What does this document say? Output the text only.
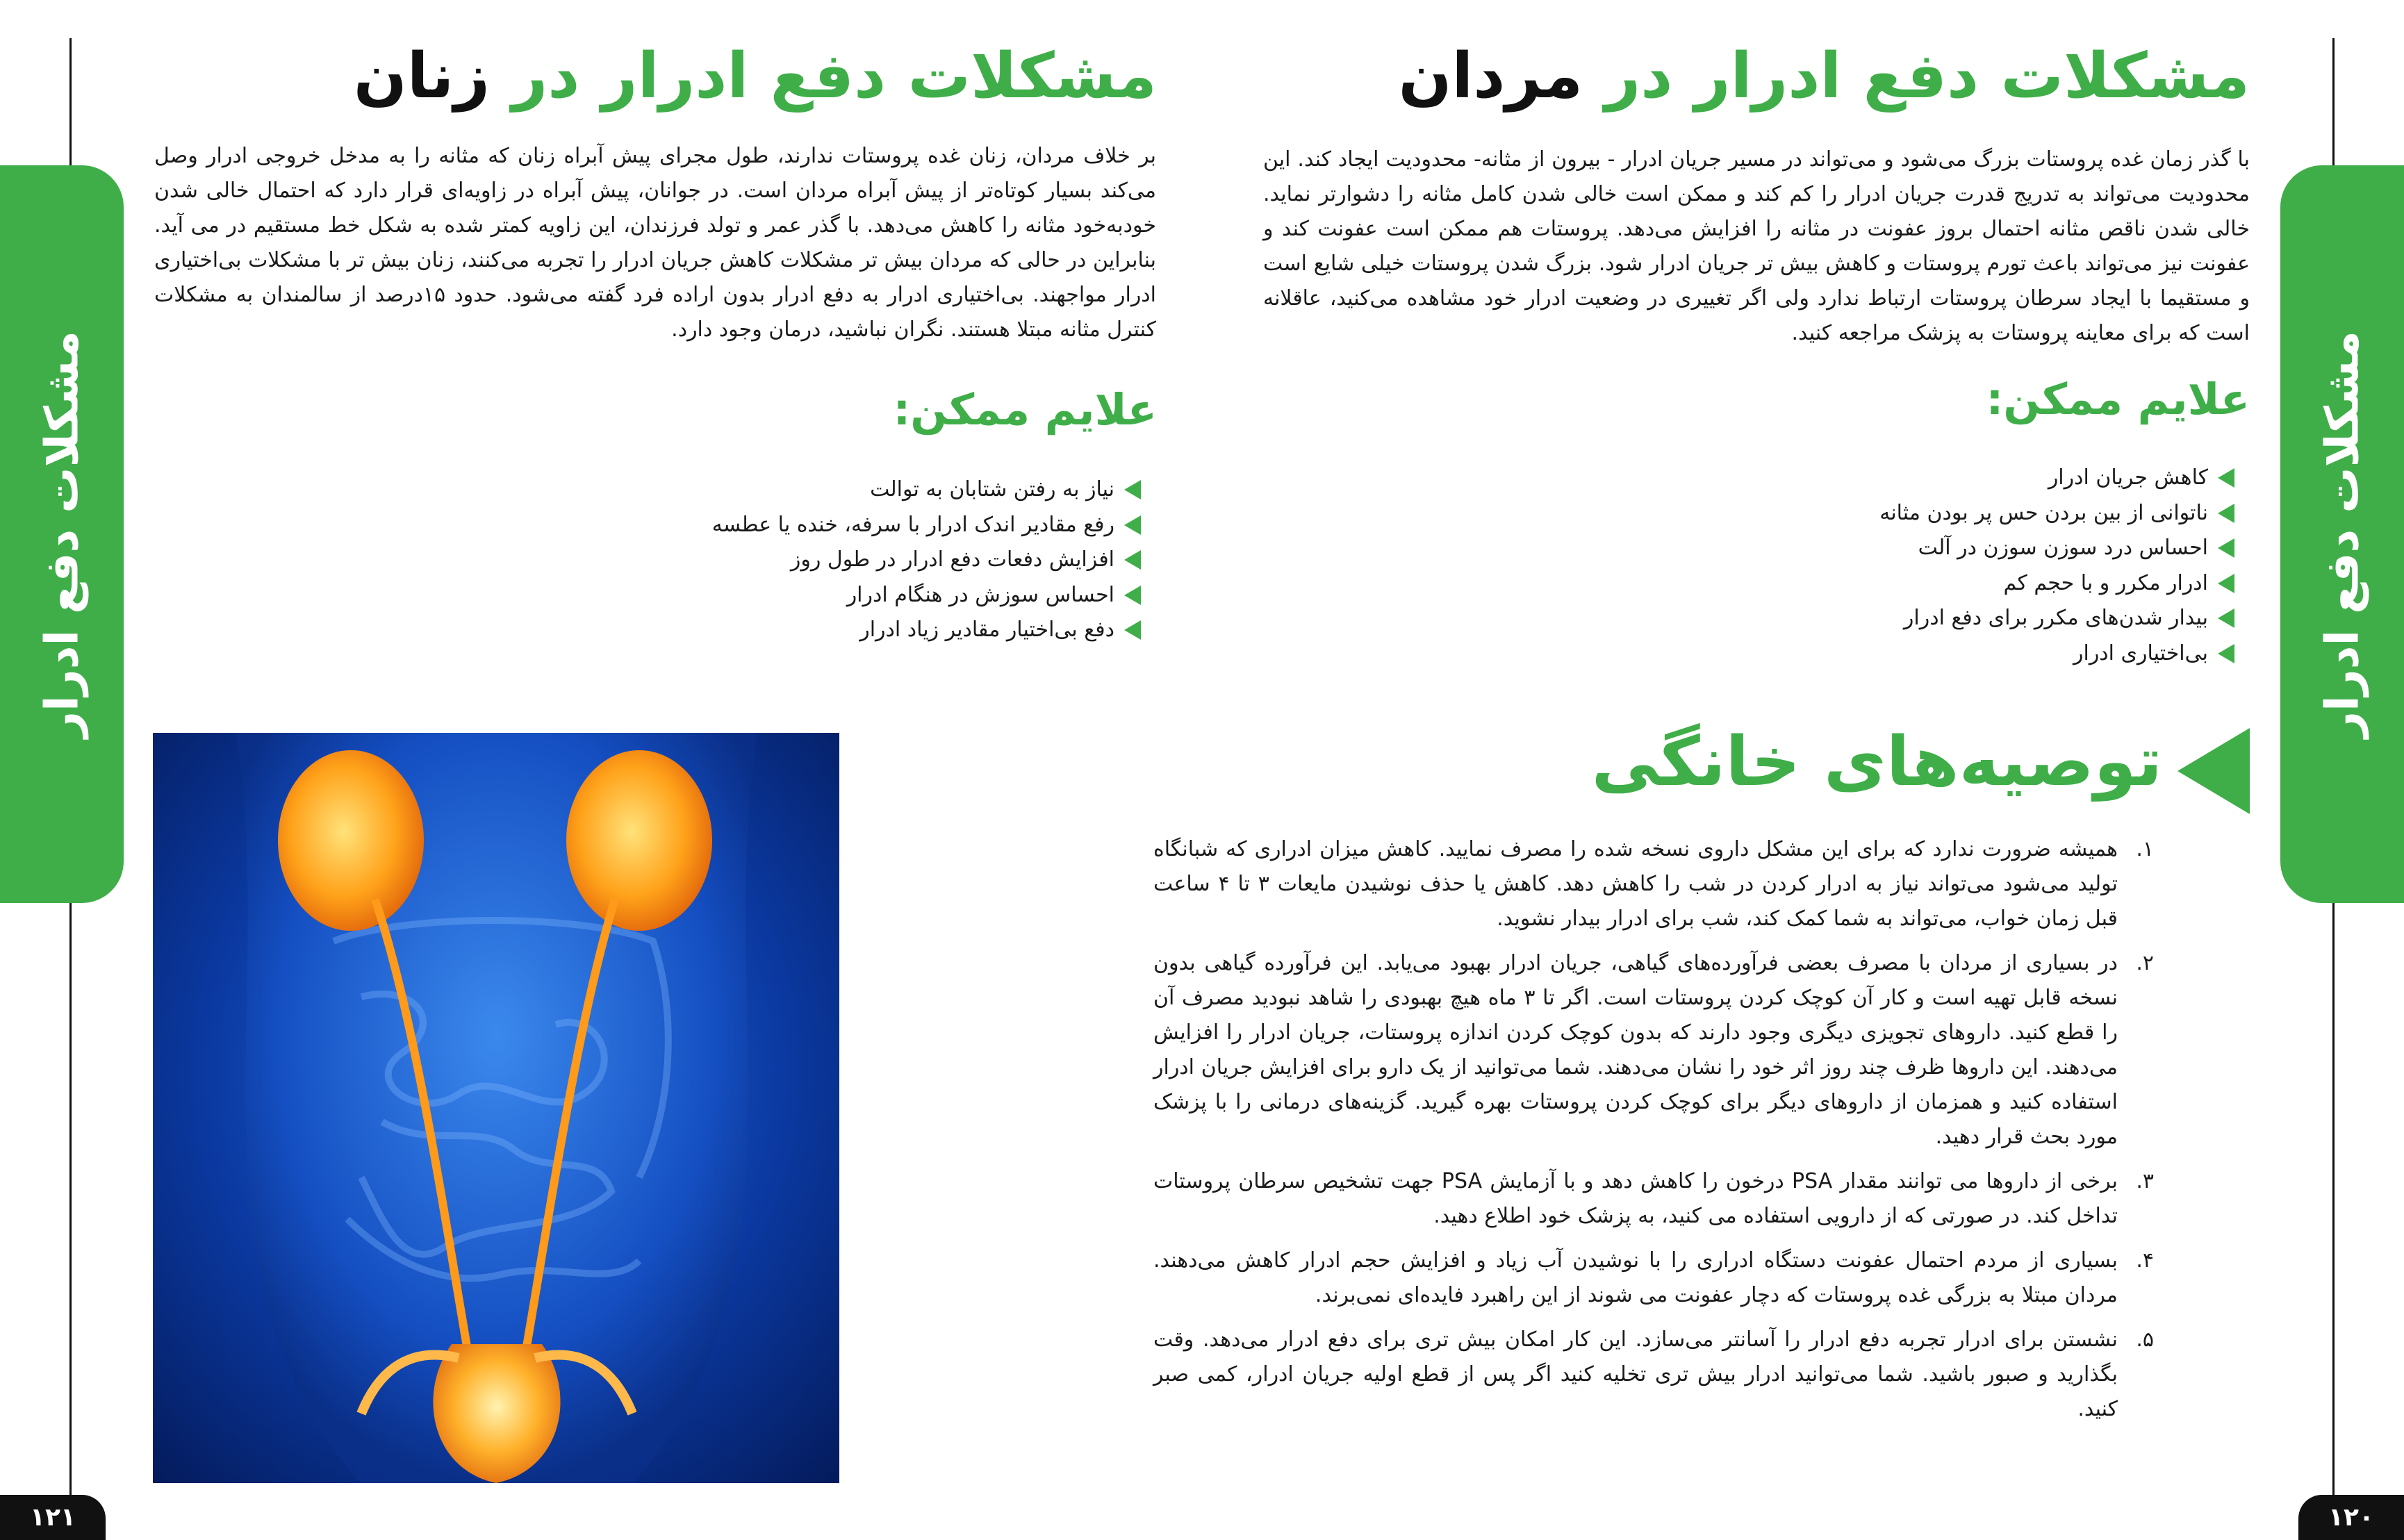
مشکلات دفع ادرار
مشکلات دفع ادرار
۱۲۰
۱۲۱
مشکلات دفع ادرار در مردان

با گذر زمان غده پروستات بزرگ می‌شود و می‌تواند در مسیر جریان ادرار - بیرون از مثانه- محدودیت ایجاد کند. این محدودیت می‌تواند به تدریج قدرت جریان ادرار را کم کند و ممکن است خالی شدن کامل مثانه را دشوارتر نماید. خالی شدن ناقص مثانه احتمال بروز عفونت در مثانه را افزایش می‌دهد. پروستات هم ممکن است عفونت کند و عفونت نیز می‌تواند باعث تورم پروستات و کاهش بیش تر جریان ادرار شود. بزرگ شدن پروستات خیلی شایع است و مستقیما با ایجاد سرطان پروستات ارتباط ندارد ولی اگر تغییری در وضعیت ادرار خود مشاهده می‌کنید، عاقلانه است که برای معاینه پروستات به پزشک مراجعه کنید.

علایم ممکن:
کاهش جریان ادرار
ناتوانی از بین بردن حس پر بودن مثانه
احساس درد سوزن سوزن در آلت
ادرار مکرر و با حجم کم
بیدار شدن‌های مکرر برای دفع ادرار
بی‌اختیاری ادرار
توصیه‌های خانگی
۱.
همیشه ضرورت ندارد که برای این مشکل داروی نسخه شده را مصرف نمایید. کاهش میزان ادراری که شبانگاه تولید می‌شود می‌تواند نیاز به ادرار کردن در شب را کاهش دهد. کاهش یا حذف نوشیدن مایعات ۳ تا ۴ ساعت قبل زمان خواب، می‌تواند به شما کمک کند، شب برای ادرار بیدار نشوید.
۲.
در بسیاری از مردان با مصرف بعضی فرآورده‌های گیاهی، جریان ادرار بهبود می‌یابد. این فرآورده گیاهی بدون نسخه قابل تهیه است و کار آن کوچک کردن پروستات است. اگر تا ۳ ماه هیچ بهبودی را شاهد نبودید مصرف آن را قطع کنید. داروهای تجویزی دیگری وجود دارند که بدون کوچک کردن اندازه پروستات، جریان ادرار را افزایش می‌دهند. این داروها ظرف چند روز اثر خود را نشان می‌دهند. شما می‌توانید از یک دارو برای افزایش جریان ادرار استفاده کنید و همزمان از داروهای دیگر برای کوچک کردن پروستات بهره گیرید. گزینه‌های درمانی را با پزشک مورد بحث قرار دهید.
۳.
برخی از داروها می توانند مقدار PSA درخون را کاهش دهد و با آزمایش PSA جهت تشخیص سرطان پروستات تداخل کند. در صورتی که از دارویی استفاده می کنید، به پزشک خود اطلاع دهید.
۴.
بسیاری از مردم احتمال عفونت دستگاه ادراری را با نوشیدن آب زیاد و افزایش حجم ادرار کاهش می‌دهند. مردان مبتلا به بزرگی غده پروستات که دچار عفونت می شوند از این راهبرد فایده‌ای نمی‌برند.
۵.
نشستن برای ادرار تجربه دفع ادرار را آسانتر می‌سازد. این کار امکان بیش تری برای دفع ادرار می‌دهد. وقت بگذارید و صبور باشید. شما می‌توانید ادرار بیش تری تخلیه کنید اگر پس از قطع اولیه جریان ادرار، کمی صبر کنید.
مشکلات دفع ادرار در زنان

بر خلاف مردان، زنان غده پروستات ندارند، طول مجرای پیش آبراه زنان که مثانه را به مدخل خروجی ادرار وصل می‌کند بسیار کوتاه‌تر از پیش آبراه مردان است. در جوانان، پیش آبراه در زاویه‌ای قرار دارد که احتمال خالی شدن خودبه‌خود مثانه را کاهش می‌دهد. با گذر عمر و تولد فرزندان، این زاویه کمتر شده به شکل خط مستقیم در می آید. بنابراین در حالی که مردان بیش تر مشکلات کاهش جریان ادرار را تجربه می‌کنند، زنان بیش تر با مشکلات بی‌اختیاری ادرار مواجهند. بی‌اختیاری ادرار به دفع ادرار بدون اراده فرد گفته می‌شود. حدود ۱۵درصد از سالمندان به مشکلات کنترل مثانه مبتلا هستند. نگران نباشید، درمان وجود دارد.

علایم ممکن:
نیاز به رفتن شتابان به توالت
رفع مقادیر اندک ادرار با سرفه، خنده یا عطسه
افزایش دفعات دفع ادرار در طول روز
احساس سوزش در هنگام ادرار
دفع بی‌اختیار مقادیر زیاد ادرار
